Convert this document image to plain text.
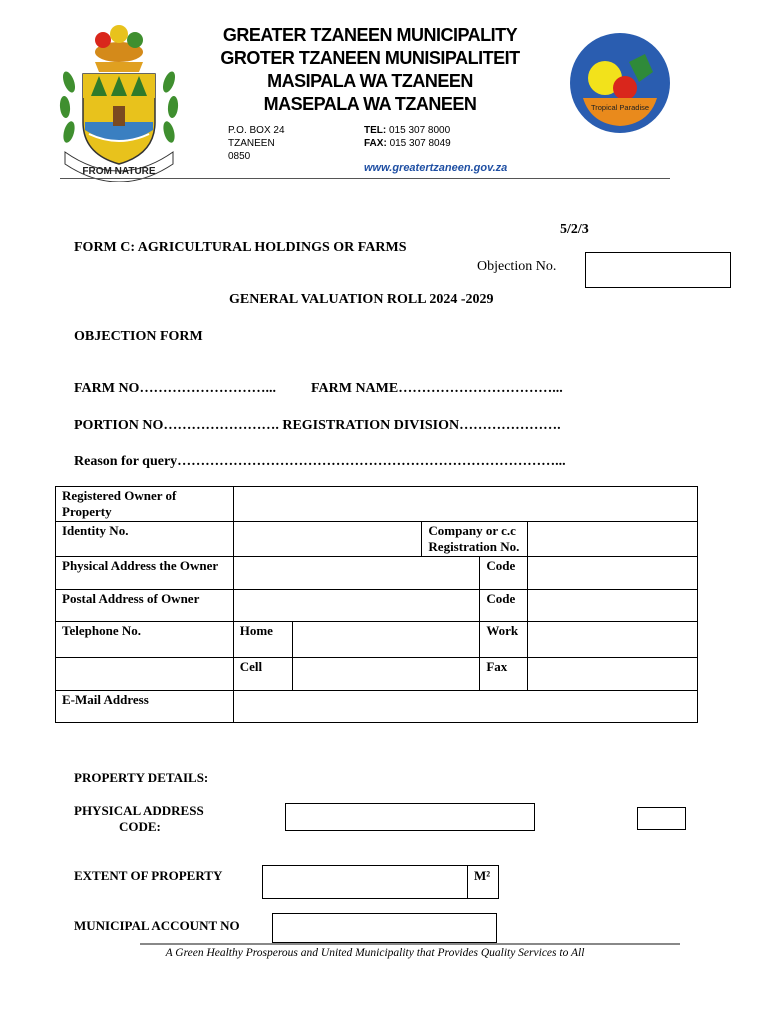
FROM NATURE
GREATER TZANEEN MUNICIPALITY
GROTER TZANEEN MUNISIPALITEIT
MASIPALA WA TZANEEN
MASEPALA WA TZANEEN
P.O. BOX 24
TZANEEN
0850
TEL: 015 307 8000
FAX: 015 307 8049
www.greatertzaneen.gov.za
Tropical Paradise
5/2/3
FORM C: AGRICULTURAL HOLDINGS OR FARMS
Objection No.
GENERAL VALUATION ROLL 2024 -2029
OBJECTION FORM
FARM NO………………………...	FARM NAME……………………………...
PORTION NO……………………. REGISTRATION DIVISION………………….
Reason for query………………………………………………………………………...
Registered Owner of Property					
Identity No.			Company or c.c Registration No.		
Physical Address the Owner				Code	
Postal Address of Owner				Code	
Telephone No.	Home			Work	
	Cell			Fax	
E-Mail Address					
PROPERTY DETAILS:
PHYSICAL ADDRESS
CODE:
EXTENT OF PROPERTY	M²
MUNICIPAL ACCOUNT NO
A Green Healthy Prosperous and United Municipality that Provides Quality Services to All
